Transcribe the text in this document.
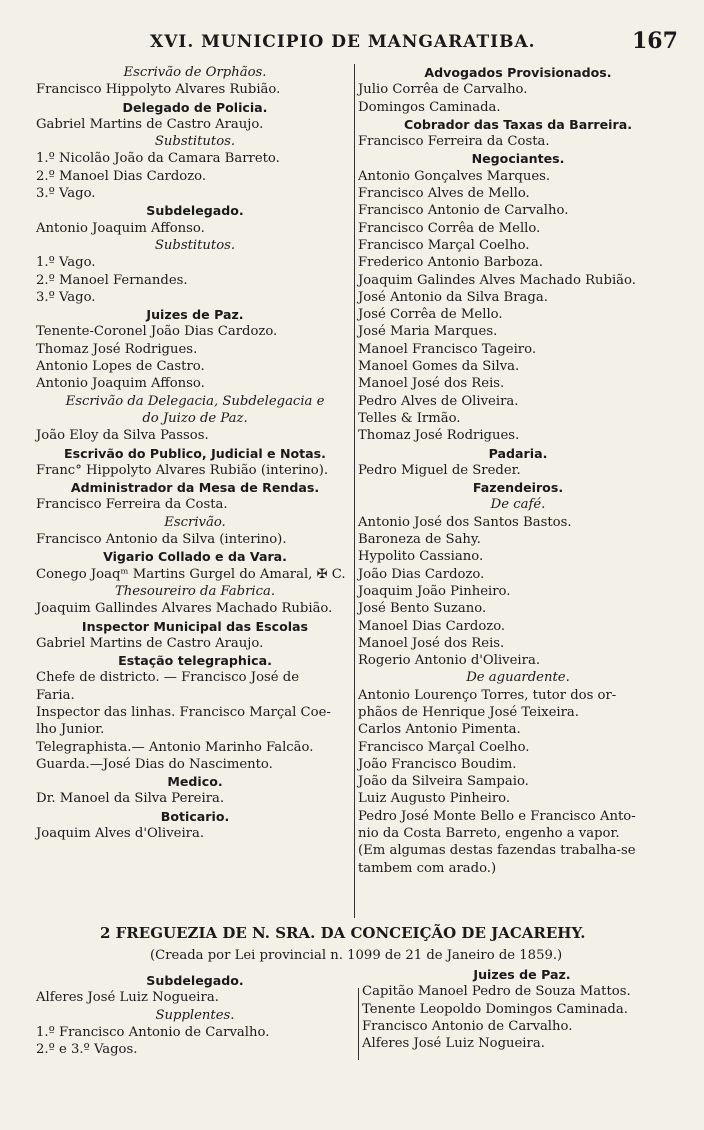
XVI. MUNICIPIO DE MANGARATIBA.	167
Escrivão de Orphãos.
Francisco Hippolyto Alvares Rubião.
Delegado de Policia.
Gabriel Martins de Castro Araujo.
Substitutos.
1.º Nicolão João da Camara Barreto.
2.º Manoel Dias Cardozo.
3.º Vago.
Subdelegado.
Antonio Joaquim Affonso.
Substitutos.
1.º Vago.
2.º Manoel Fernandes.
3.º Vago.
Juizes de Paz.
Tenente-Coronel João Dias Cardozo.
Thomaz José Rodrigues.
Antonio Lopes de Castro.
Antonio Joaquim Affonso.
Escrivão da Delegacia, Subdelegacia e
do Juizo de Paz.
João Eloy da Silva Passos.
Escrivão do Publico, Judicial e Notas.
Franc° Hippolyto Alvares Rubião (interino).
Administrador da Mesa de Rendas.
Francisco Ferreira da Costa.
Escrivão.
Francisco Antonio da Silva (interino).
Vigario Collado e da Vara.
Conego Joaqᵐ Martins Gurgel do Amaral, ✠ C.
Thesoureiro da Fabrica.
Joaquim Gallindes Alvares Machado Rubião.
Inspector Municipal das Escolas
Gabriel Martins de Castro Araujo.
Estação telegraphica.
Chefe de districto. — Francisco José de
Faria.
Inspector das linhas. Francisco Marçal Coe-
lho Junior.
Telegraphista.— Antonio Marinho Falcão.
Guarda.—José Dias do Nascimento.
Medico.
Dr. Manoel da Silva Pereira.
Boticario.
Joaquim Alves d'Oliveira.
Advogados Provisionados.
Julio Corrêa de Carvalho.
Domingos Caminada.
Cobrador das Taxas da Barreira.
Francisco Ferreira da Costa.
Negociantes.
Antonio Gonçalves Marques.
Francisco Alves de Mello.
Francisco Antonio de Carvalho.
Francisco Corrêa de Mello.
Francisco Marçal Coelho.
Frederico Antonio Barboza.
Joaquim Galindes Alves Machado Rubião.
José Antonio da Silva Braga.
José Corrêa de Mello.
José Maria Marques.
Manoel Francisco Tageiro.
Manoel Gomes da Silva.
Manoel José dos Reis.
Pedro Alves de Oliveira.
Telles & Irmão.
Thomaz José Rodrigues.
Padaria.
Pedro Miguel de Sreder.
Fazendeiros.
De café.
Antonio José dos Santos Bastos.
Baroneza de Sahy.
Hypolito Cassiano.
João Dias Cardozo.
Joaquim João Pinheiro.
José Bento Suzano.
Manoel Dias Cardozo.
Manoel José dos Reis.
Rogerio Antonio d'Oliveira.
De aguardente.
Antonio Lourenço Torres, tutor dos or-
phãos de Henrique José Teixeira.
Carlos Antonio Pimenta.
Francisco Marçal Coelho.
João Francisco Boudim.
João da Silveira Sampaio.
Luiz Augusto Pinheiro.
Pedro José Monte Bello e Francisco Anto-
nio da Costa Barreto, engenho a vapor.
(Em algumas destas fazendas trabalha-se
tambem com arado.)
2 FREGUEZIA DE N. SRA. DA CONCEIÇÃO DE JACAREHY.
(Creada por Lei provincial n. 1099 de 21 de Janeiro de 1859.)
Subdelegado.
Alferes José Luiz Nogueira.
Supplentes.
1.º Francisco Antonio de Carvalho.
2.º e 3.º Vagos.
Juizes de Paz.
Capitão Manoel Pedro de Souza Mattos.
Tenente Leopoldo Domingos Caminada.
Francisco Antonio de Carvalho.
Alferes José Luiz Nogueira.
